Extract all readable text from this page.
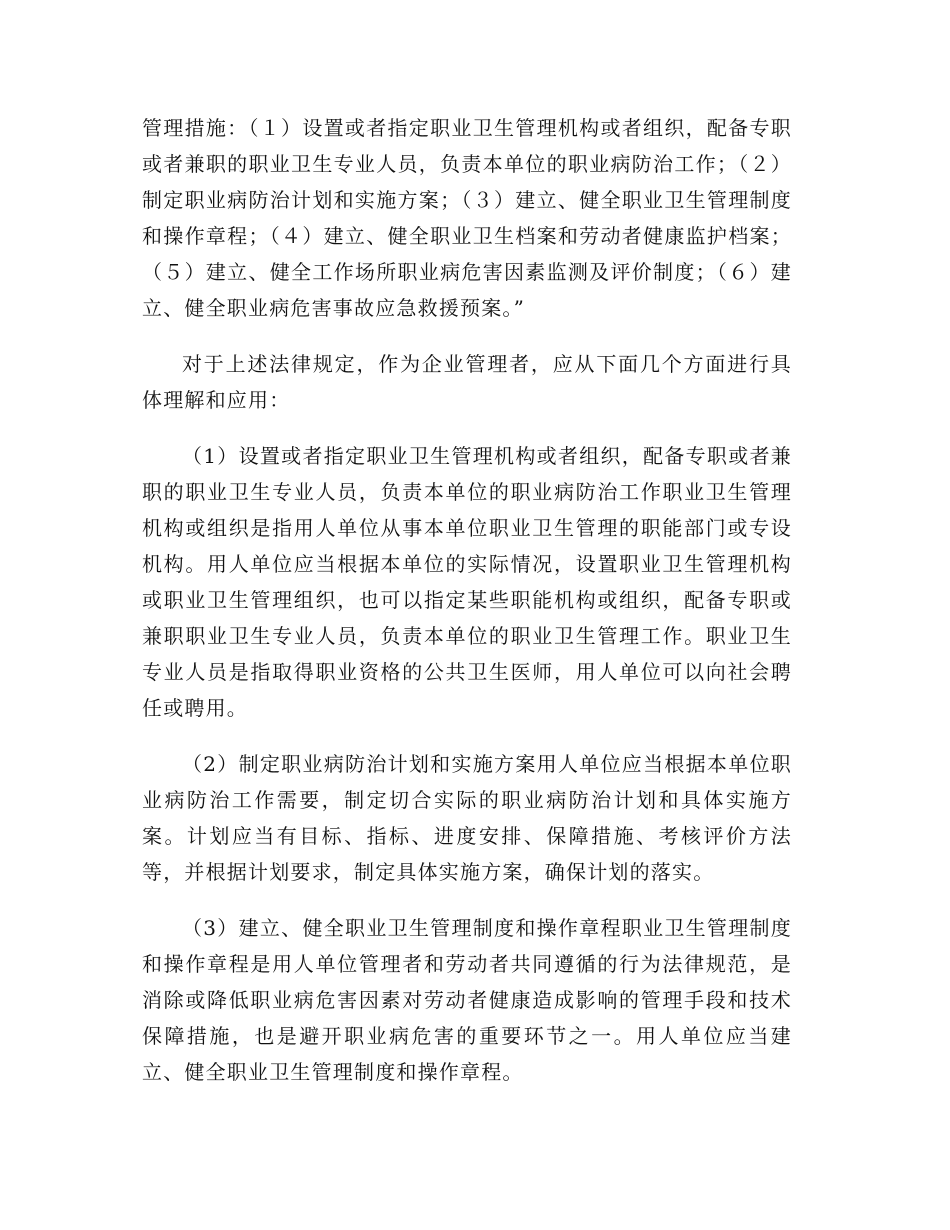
管理措施：（１）设置或者指定职业卫生管理机构或者组织，配备专职或者兼职的职业卫生专业人员，负责本单位的职业病防治工作；（２）制定职业病防治计划和实施方案；（３）建立、健全职业卫生管理制度和操作章程；（４）建立、健全职业卫生档案和劳动者健康监护档案；（５）建立、健全工作场所职业病危害因素监测及评价制度；（６）建立、健全职业病危害事故应急救援预案。”

对于上述法律规定，作为企业管理者，应从下面几个方面进行具体理解和应用：

（1）设置或者指定职业卫生管理机构或者组织，配备专职或者兼职的职业卫生专业人员，负责本单位的职业病防治工作职业卫生管理机构或组织是指用人单位从事本单位职业卫生管理的职能部门或专设机构。用人单位应当根据本单位的实际情况，设置职业卫生管理机构或职业卫生管理组织，也可以指定某些职能机构或组织，配备专职或兼职职业卫生专业人员，负责本单位的职业卫生管理工作。职业卫生专业人员是指取得职业资格的公共卫生医师，用人单位可以向社会聘任或聘用。

（2）制定职业病防治计划和实施方案用人单位应当根据本单位职业病防治工作需要，制定切合实际的职业病防治计划和具体实施方案。计划应当有目标、指标、进度安排、保障措施、考核评价方法等，并根据计划要求，制定具体实施方案，确保计划的落实。

（3）建立、健全职业卫生管理制度和操作章程职业卫生管理制度和操作章程是用人单位管理者和劳动者共同遵循的行为法律规范，是消除或降低职业病危害因素对劳动者健康造成影响的管理手段和技术保障措施，也是避开职业病危害的重要环节之一。用人单位应当建立、健全职业卫生管理制度和操作章程。
